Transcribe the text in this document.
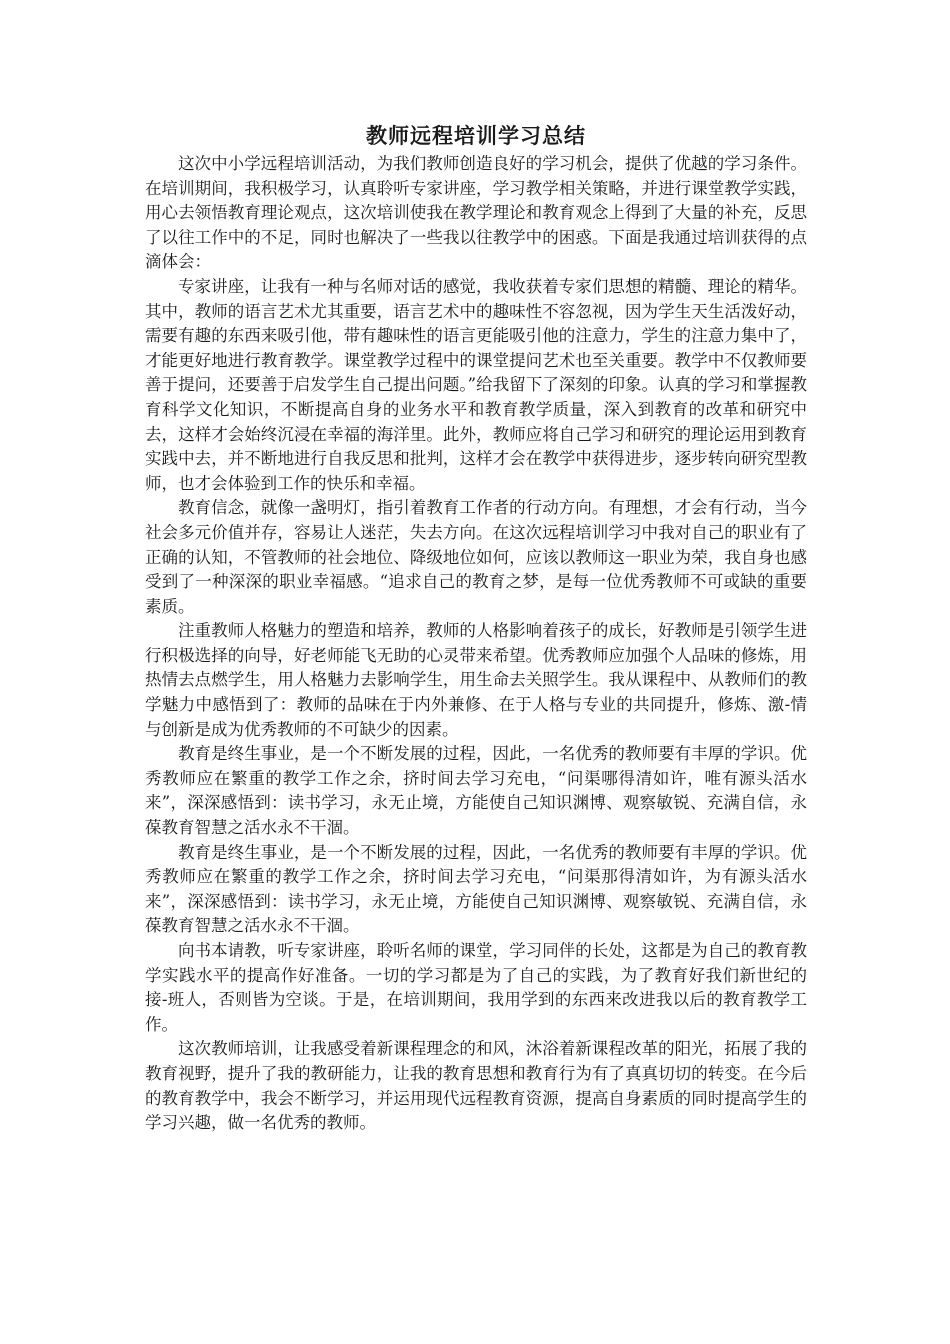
教师远程培训学习总结

这次中小学远程培训活动，为我们教师创造良好的学习机会，提供了优越的学习条件。在培训期间，我积极学习，认真聆听专家讲座，学习教学相关策略，并进行课堂教学实践，用心去领悟教育理论观点，这次培训使我在教学理论和教育观念上得到了大量的补充，反思了以往工作中的不足，同时也解决了一些我以往教学中的困惑。下面是我通过培训获得的点滴体会：

专家讲座，让我有一种与名师对话的感觉，我收获着专家们思想的精髓、理论的精华。其中，教师的语言艺术尤其重要，语言艺术中的趣味性不容忽视，因为学生天生活泼好动，需要有趣的东西来吸引他，带有趣味性的语言更能吸引他的注意力，学生的注意力集中了，才能更好地进行教育教学。课堂教学过程中的课堂提问艺术也至关重要。教学中不仅教师要善于提问，还要善于启发学生自己提出问题。”给我留下了深刻的印象。认真的学习和掌握教育科学文化知识，不断提高自身的业务水平和教育教学质量，深入到教育的改革和研究中去，这样才会始终沉浸在幸福的海洋里。此外，教师应将自己学习和研究的理论运用到教育实践中去，并不断地进行自我反思和批判，这样才会在教学中获得进步，逐步转向研究型教师，也才会体验到工作的快乐和幸福。

教育信念，就像一盏明灯，指引着教育工作者的行动方向。有理想，才会有行动，当今社会多元价值并存，容易让人迷茫，失去方向。在这次远程培训学习中我对自己的职业有了正确的认知，不管教师的社会地位、降级地位如何，应该以教师这一职业为荣，我自身也感受到了一种深深的职业幸福感。“追求自己的教育之梦，是每一位优秀教师不可或缺的重要素质。

注重教师人格魅力的塑造和培养，教师的人格影响着孩子的成长，好教师是引领学生进行积极选择的向导，好老师能飞无助的心灵带来希望。优秀教师应加强个人品味的修炼，用热情去点燃学生，用人格魅力去影响学生，用生命去关照学生。我从课程中、从教师们的教学魅力中感悟到了：教师的品味在于内外兼修、在于人格与专业的共同提升，修炼、激-情与创新是成为优秀教师的不可缺少的因素。

教育是终生事业，是一个不断发展的过程，因此，一名优秀的教师要有丰厚的学识。优秀教师应在繁重的教学工作之余，挤时间去学习充电，“问渠哪得清如许，唯有源头活水来”，深深感悟到：读书学习，永无止境，方能使自己知识渊博、观察敏锐、充满自信，永葆教育智慧之活水永不干涸。

教育是终生事业，是一个不断发展的过程，因此，一名优秀的教师要有丰厚的学识。优秀教师应在繁重的教学工作之余，挤时间去学习充电，“问渠那得清如许，为有源头活水来”，深深感悟到：读书学习，永无止境，方能使自己知识渊博、观察敏锐、充满自信，永葆教育智慧之活水永不干涸。

向书本请教，听专家讲座，聆听名师的课堂，学习同伴的长处，这都是为自己的教育教学实践水平的提高作好准备。一切的学习都是为了自己的实践，为了教育好我们新世纪的接-班人，否则皆为空谈。于是，在培训期间，我用学到的东西来改进我以后的教育教学工作。

这次教师培训，让我感受着新课程理念的和风，沐浴着新课程改革的阳光，拓展了我的教育视野，提升了我的教研能力，让我的教育思想和教育行为有了真真切切的转变。在今后的教育教学中，我会不断学习，并运用现代远程教育资源，提高自身素质的同时提高学生的学习兴趣，做一名优秀的教师。
